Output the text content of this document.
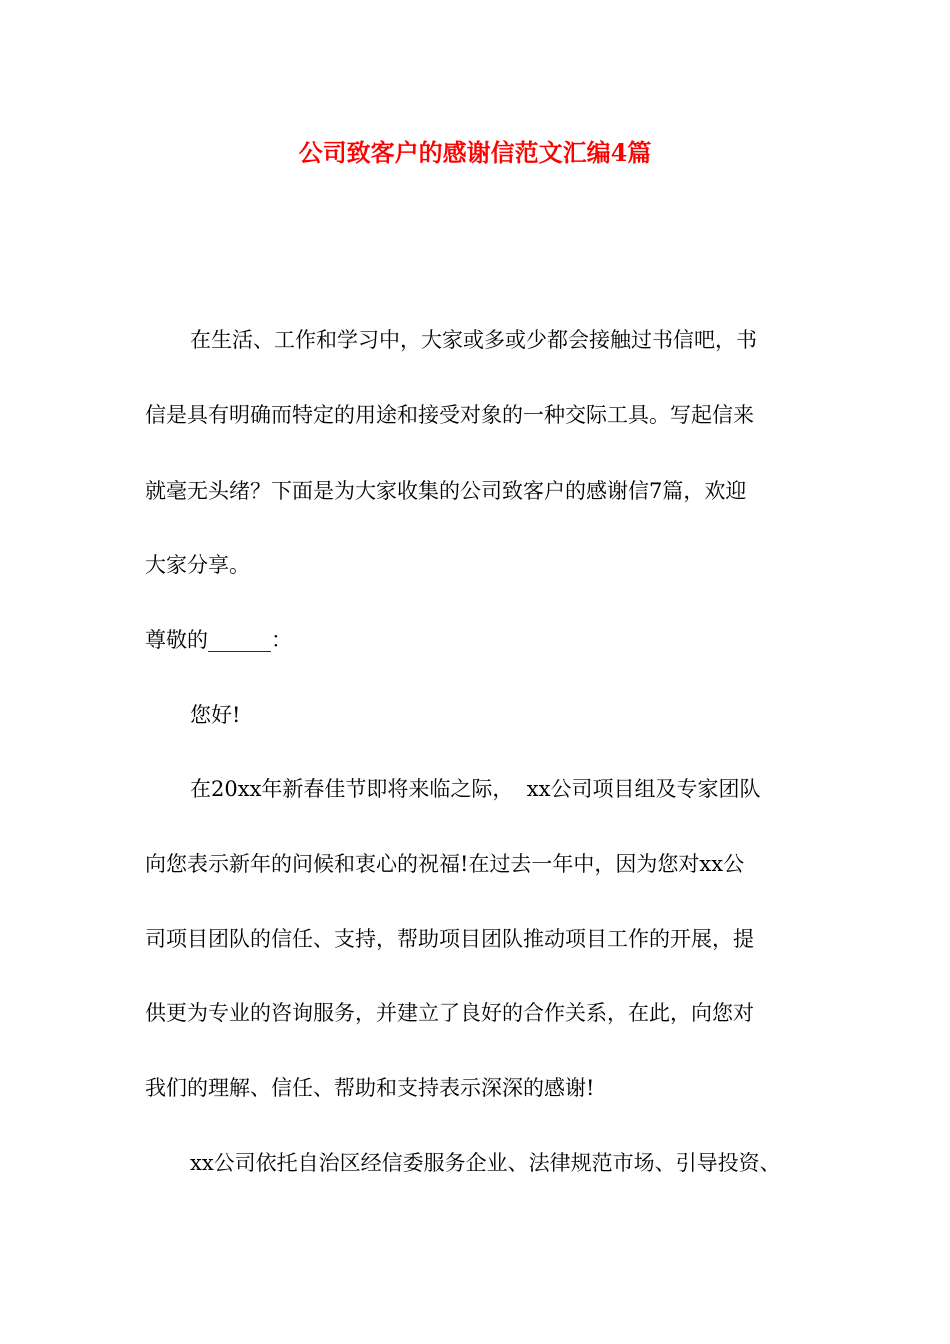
公司致客户的感谢信范文汇编4篇
在生活、工作和学习中，大家或多或少都会接触过书信吧，书
信是具有明确而特定的用途和接受对象的一种交际工具。写起信来
就毫无头绪？下面是为大家收集的公司致客户的感谢信7篇，欢迎
大家分享。
尊敬的______：
您好!
在20xx年新春佳节即将来临之际，  xx公司项目组及专家团队
向您表示新年的问候和衷心的祝福!在过去一年中，因为您对xx公
司项目团队的信任、支持，帮助项目团队推动项目工作的开展，提
供更为专业的咨询服务，并建立了良好的合作关系，在此，向您对
我们的理解、信任、帮助和支持表示深深的感谢!
xx公司依托自治区经信委服务企业、法律规范市场、引导投资、
